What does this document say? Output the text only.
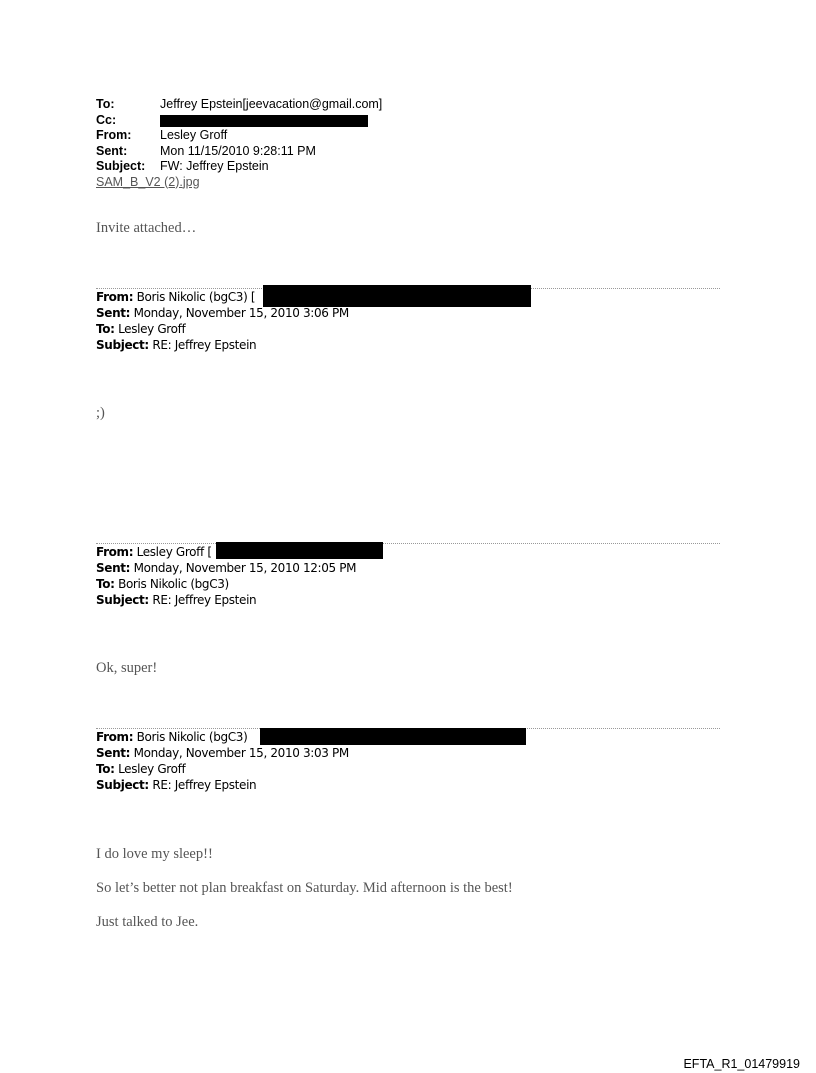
To:	Jeffrey Epstein[jeevacation@gmail.com]
Cc:
From:	Lesley Groff
Sent:	Mon 11/15/2010 9:28:11 PM
Subject:	FW: Jeffrey Epstein
SAM_B_V2 (2).jpg

Invite attached…

From: Boris Nikolic (bgC3) [
Sent: Monday, November 15, 2010 3:06 PM
To: Lesley Groff
Subject: RE: Jeffrey Epstein

;)

From: Lesley Groff [
Sent: Monday, November 15, 2010 12:05 PM
To: Boris Nikolic (bgC3)
Subject: RE: Jeffrey Epstein

Ok, super!

From: Boris Nikolic (bgC3)
Sent: Monday, November 15, 2010 3:03 PM
To: Lesley Groff
Subject: RE: Jeffrey Epstein

I do love my sleep!!

So let’s better not plan breakfast on Saturday. Mid afternoon is the best!

Just talked to Jee.

EFTA_R1_01479919
